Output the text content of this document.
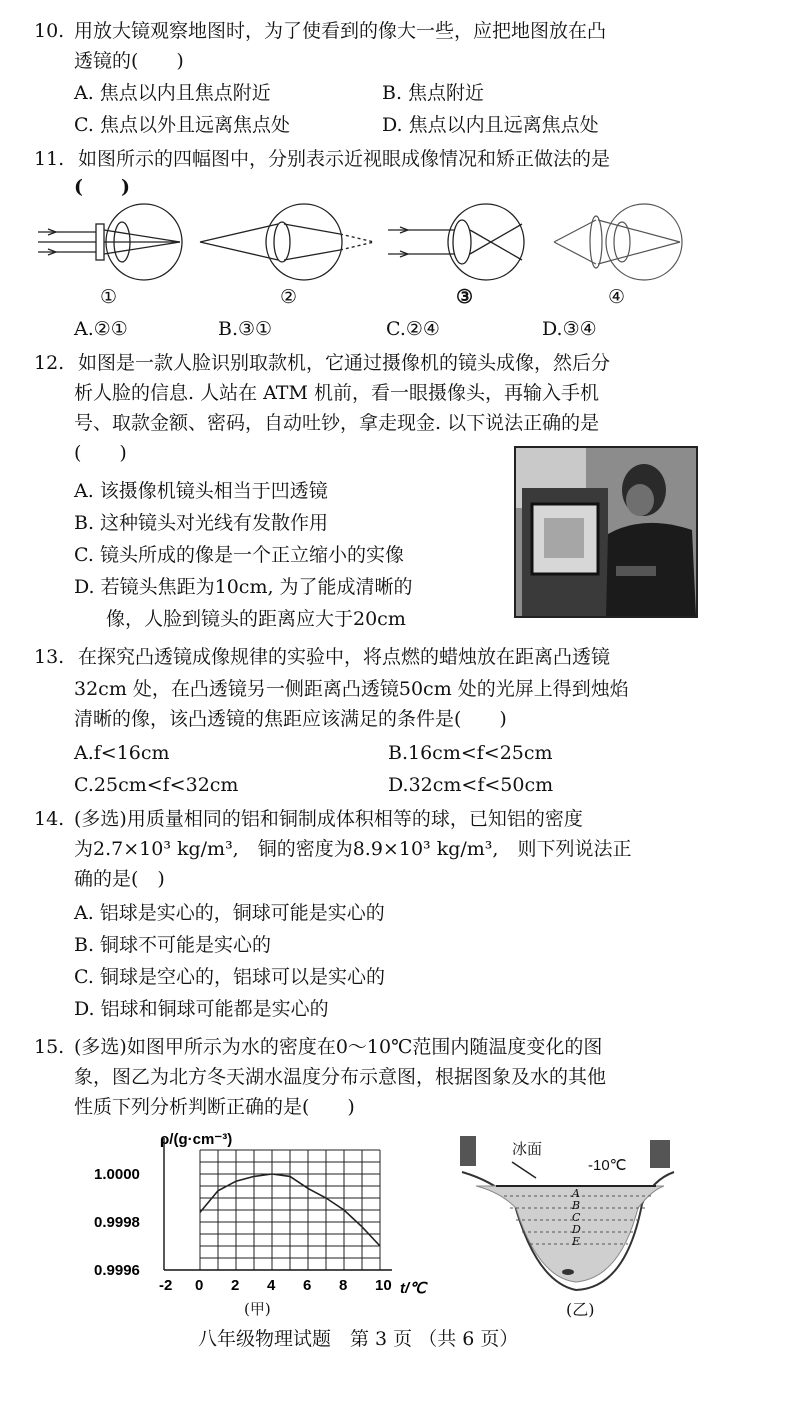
10. 用放大镜观察地图时，为了使看到的像大一些，应把地图放在凸
透镜的(　　)
A. 焦点以内且焦点附近	B. 焦点附近
C. 焦点以外且远离焦点处	D. 焦点以内且远离焦点处
11. 如图所示的四幅图中，分别表示近视眼成像情况和矫正做法的是
(　　)
①	②	③	④
A.②①	B.③①	C.②④	D.③④
12. 如图是一款人脸识别取款机，它通过摄像机的镜头成像，然后分
析人脸的信息. 人站在 ATM 机前，看一眼摄像头，再输入手机
号、取款金额、密码，自动吐钞，拿走现金. 以下说法正确的是
(　　)
A. 该摄像机镜头相当于凹透镜
B. 这种镜头对光线有发散作用
C. 镜头所成的像是一个正立缩小的实像
D. 若镜头焦距为10cm, 为了能成清晰的
像，人脸到镜头的距离应大于20cm
13. 在探究凸透镜成像规律的实验中，将点燃的蜡烛放在距离凸透镜
32cm 处，在凸透镜另一侧距离凸透镜50cm 处的光屏上得到烛焰
清晰的像，该凸透镜的焦距应该满足的条件是(　　)
A.f<16cm	B.16cm<f<25cm
C.25cm<f<32cm	D.32cm<f<50cm
14. (多选)用质量相同的铝和铜制成体积相等的球，已知铝的密度
为2.7×10³ kg/m³,　铜的密度为8.9×10³ kg/m³,　则下列说法正
确的是(　)
A. 铝球是实心的，铜球可能是实心的
B. 铜球不可能是实心的
C. 铜球是空心的，铝球可以是实心的
D. 铝球和铜球可能都是实心的
15. (多选)如图甲所示为水的密度在0～10℃范围内随温度变化的图
象，图乙为北方冬天湖水温度分布示意图，根据图象及水的其他
性质下列分析判断正确的是(　　)
ρ/(g·cm⁻³)
t/℃
-2 0 2 4 6 8 10
1.0000
0.9998
0.9996
(甲)
冰面
-10℃
A
B
C
D
E
(乙)
八年级物理试题　第 3 页 （共 6 页）
